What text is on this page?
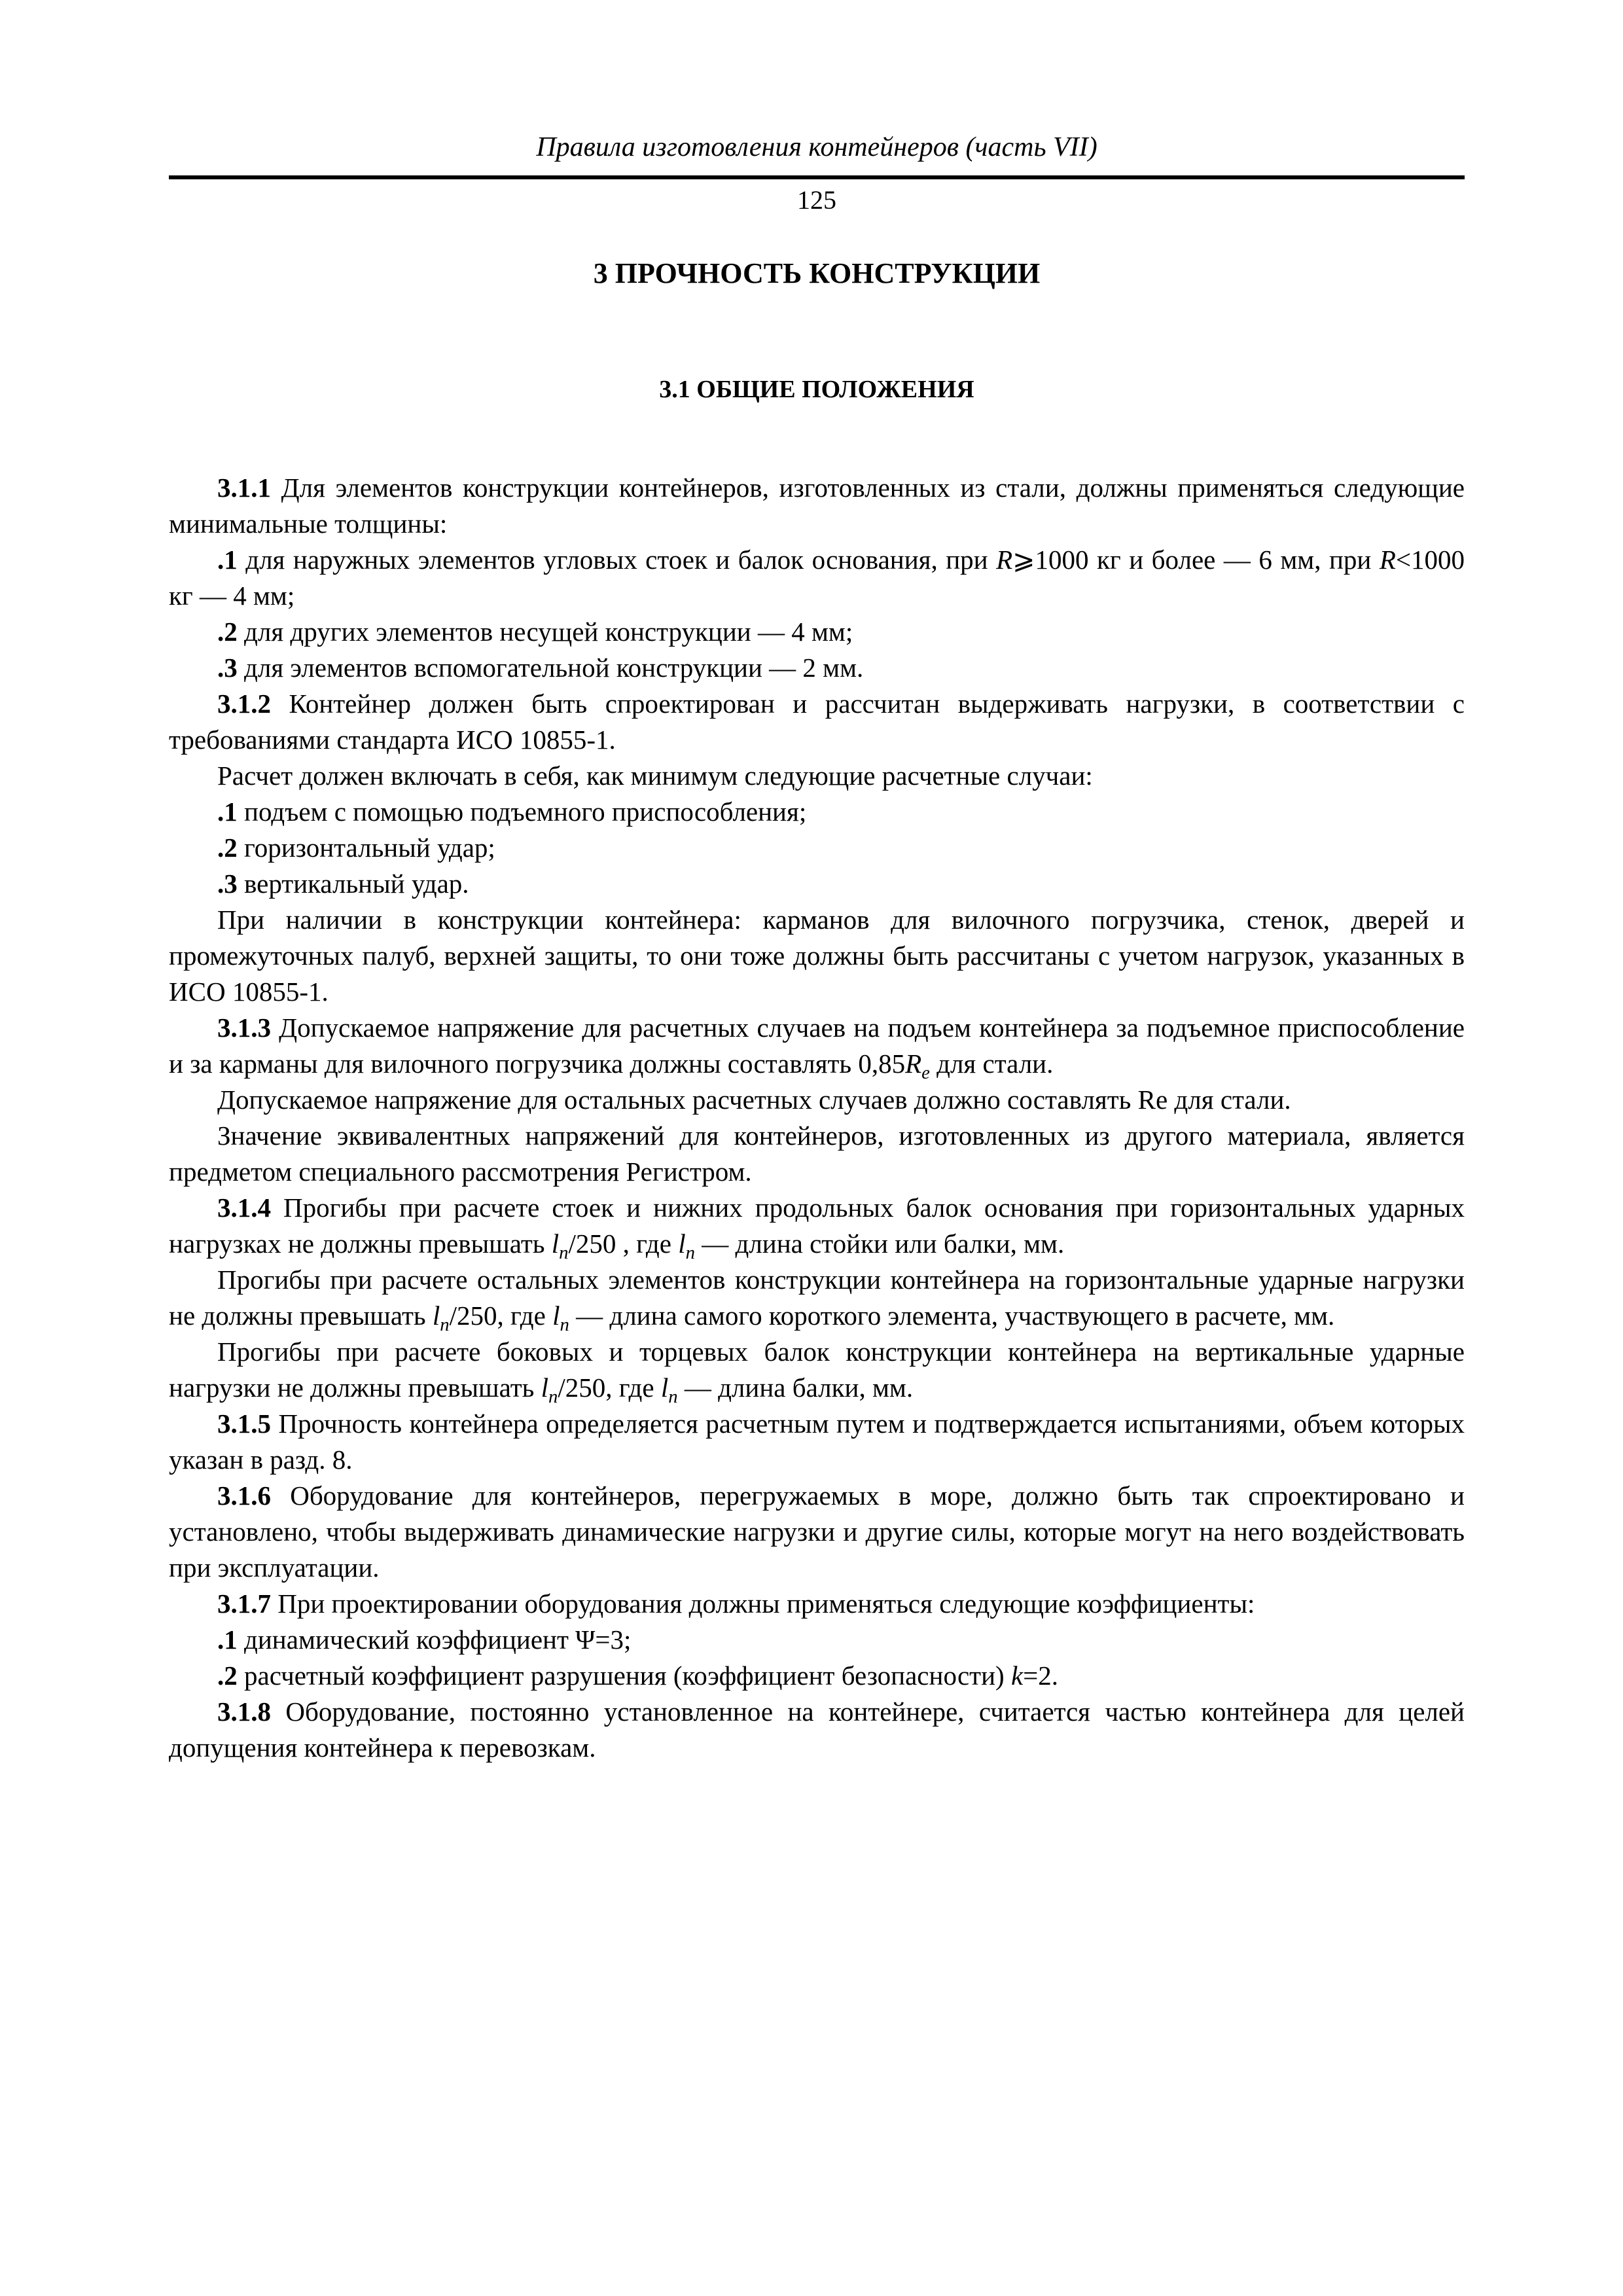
Правила изготовления контейнеров (часть VII)
125
3 ПРОЧНОСТЬ КОНСТРУКЦИИ
3.1 ОБЩИЕ ПОЛОЖЕНИЯ

3.1.1 Для элементов конструкции контейнеров, изготовленных из стали, должны применяться следующие минимальные толщины:

.1 для наружных элементов угловых стоек и балок основания, при R⩾1000 кг и более — 6 мм, при R<1000 кг — 4 мм;

.2 для других элементов несущей конструкции — 4 мм;

.3 для элементов вспомогательной конструкции — 2 мм.

3.1.2 Контейнер должен быть спроектирован и рассчитан выдерживать нагрузки, в соответствии с требованиями стандарта ИСО 10855-1.

Расчет должен включать в себя, как минимум следующие расчетные случаи:

.1 подъем с помощью подъемного приспособления;

.2 горизонтальный удар;

.3 вертикальный удар.

При наличии в конструкции контейнера: карманов для вилочного погрузчика, стенок, дверей и промежуточных палуб, верхней защиты, то они тоже должны быть рассчитаны с учетом нагрузок, указанных в ИСО 10855-1.

3.1.3 Допускаемое напряжение для расчетных случаев на подъем контейнера за подъемное приспособление и за карманы для вилочного погрузчика должны составлять $0,85R_e$ для стали.

Допускаемое напряжение для остальных расчетных случаев должно составлять Re для стали.

Значение эквивалентных напряжений для контейнеров, изготовленных из другого материала, является предметом специального рассмотрения Регистром.

3.1.4 Прогибы при расчете стоек и нижних продольных балок основания при горизонтальных ударных нагрузках не должны превышать $l_n/250$ , где $l_n$ — длина стойки или балки, мм.

Прогибы при расчете остальных элементов конструкции контейнера на горизонтальные ударные нагрузки не должны превышать $l_n/250$, где $l_n$ — длина самого короткого элемента, участвующего в расчете, мм.

Прогибы при расчете боковых и торцевых балок конструкции контейнера на вертикальные ударные нагрузки не должны превышать $l_n/250$, где $l_n$ — длина балки, мм.

3.1.5 Прочность контейнера определяется расчетным путем и подтверждается испытаниями, объем которых указан в разд. 8.

3.1.6 Оборудование для контейнеров, перегружаемых в море, должно быть так спроектировано и установлено, чтобы выдерживать динамические нагрузки и другие силы, которые могут на него воздействовать при эксплуатации.

3.1.7 При проектировании оборудования должны применяться следующие коэффициенты:

.1 динамический коэффициент Ψ=3;

.2 расчетный коэффициент разрушения (коэффициент безопасности) k=2.

3.1.8 Оборудование, постоянно установленное на контейнере, считается частью контейнера для целей допущения контейнера к перевозкам.
